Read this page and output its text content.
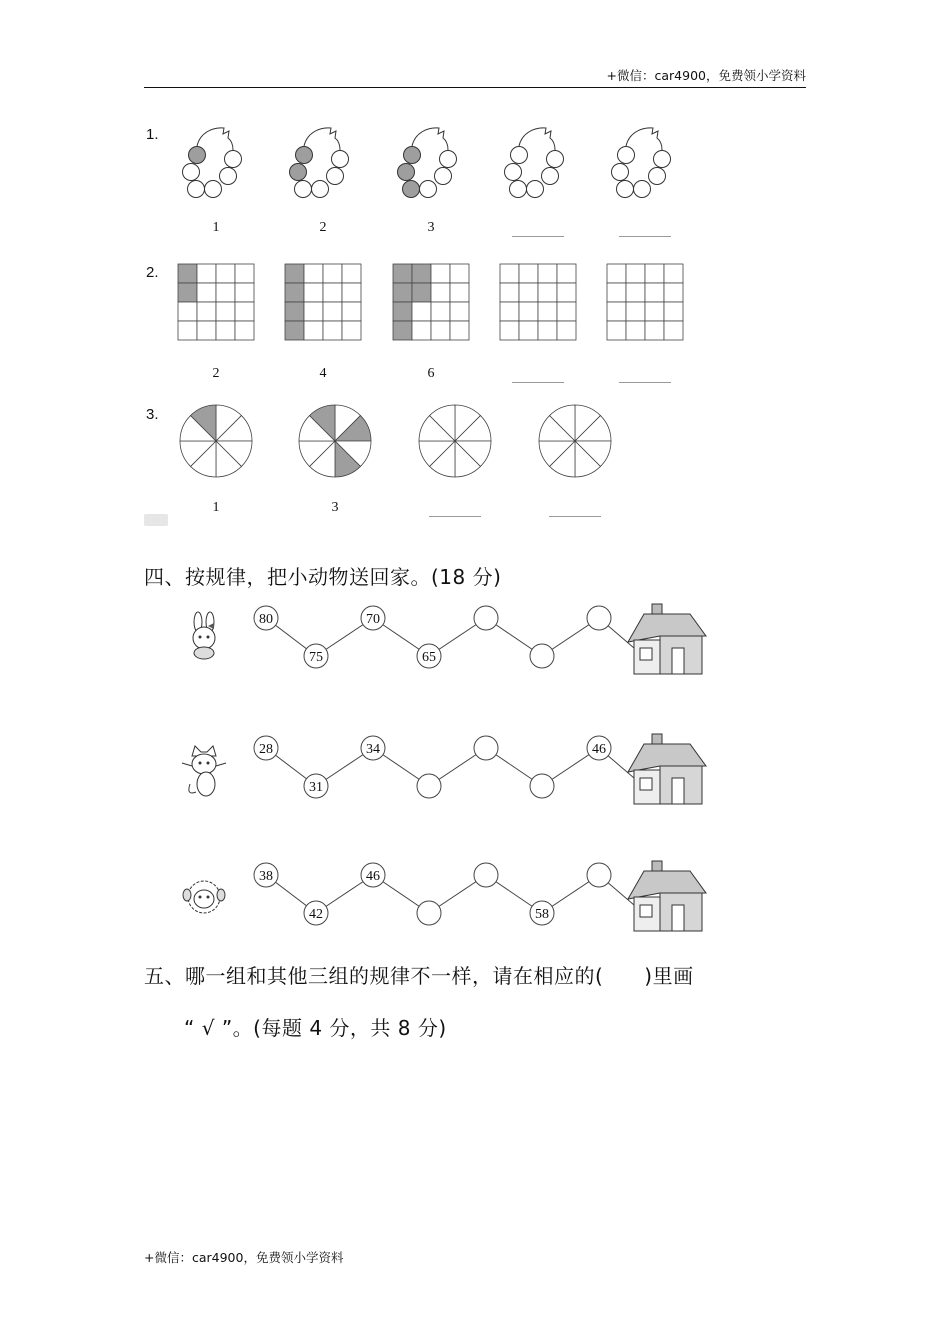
+微信：car4900，免费领小学资料
1.
1	2	3
2.
2	4	6
3.
1	3
四、按规律，把小动物送回家。(18 分)
80
75
70
65
28
31
34	46
38
42
46
58
五、哪一组和其他三组的规律不一样，请在相应的(　　)里画
“ √ ”。(每题 4 分，共 8 分)
+微信：car4900，免费领小学资料
